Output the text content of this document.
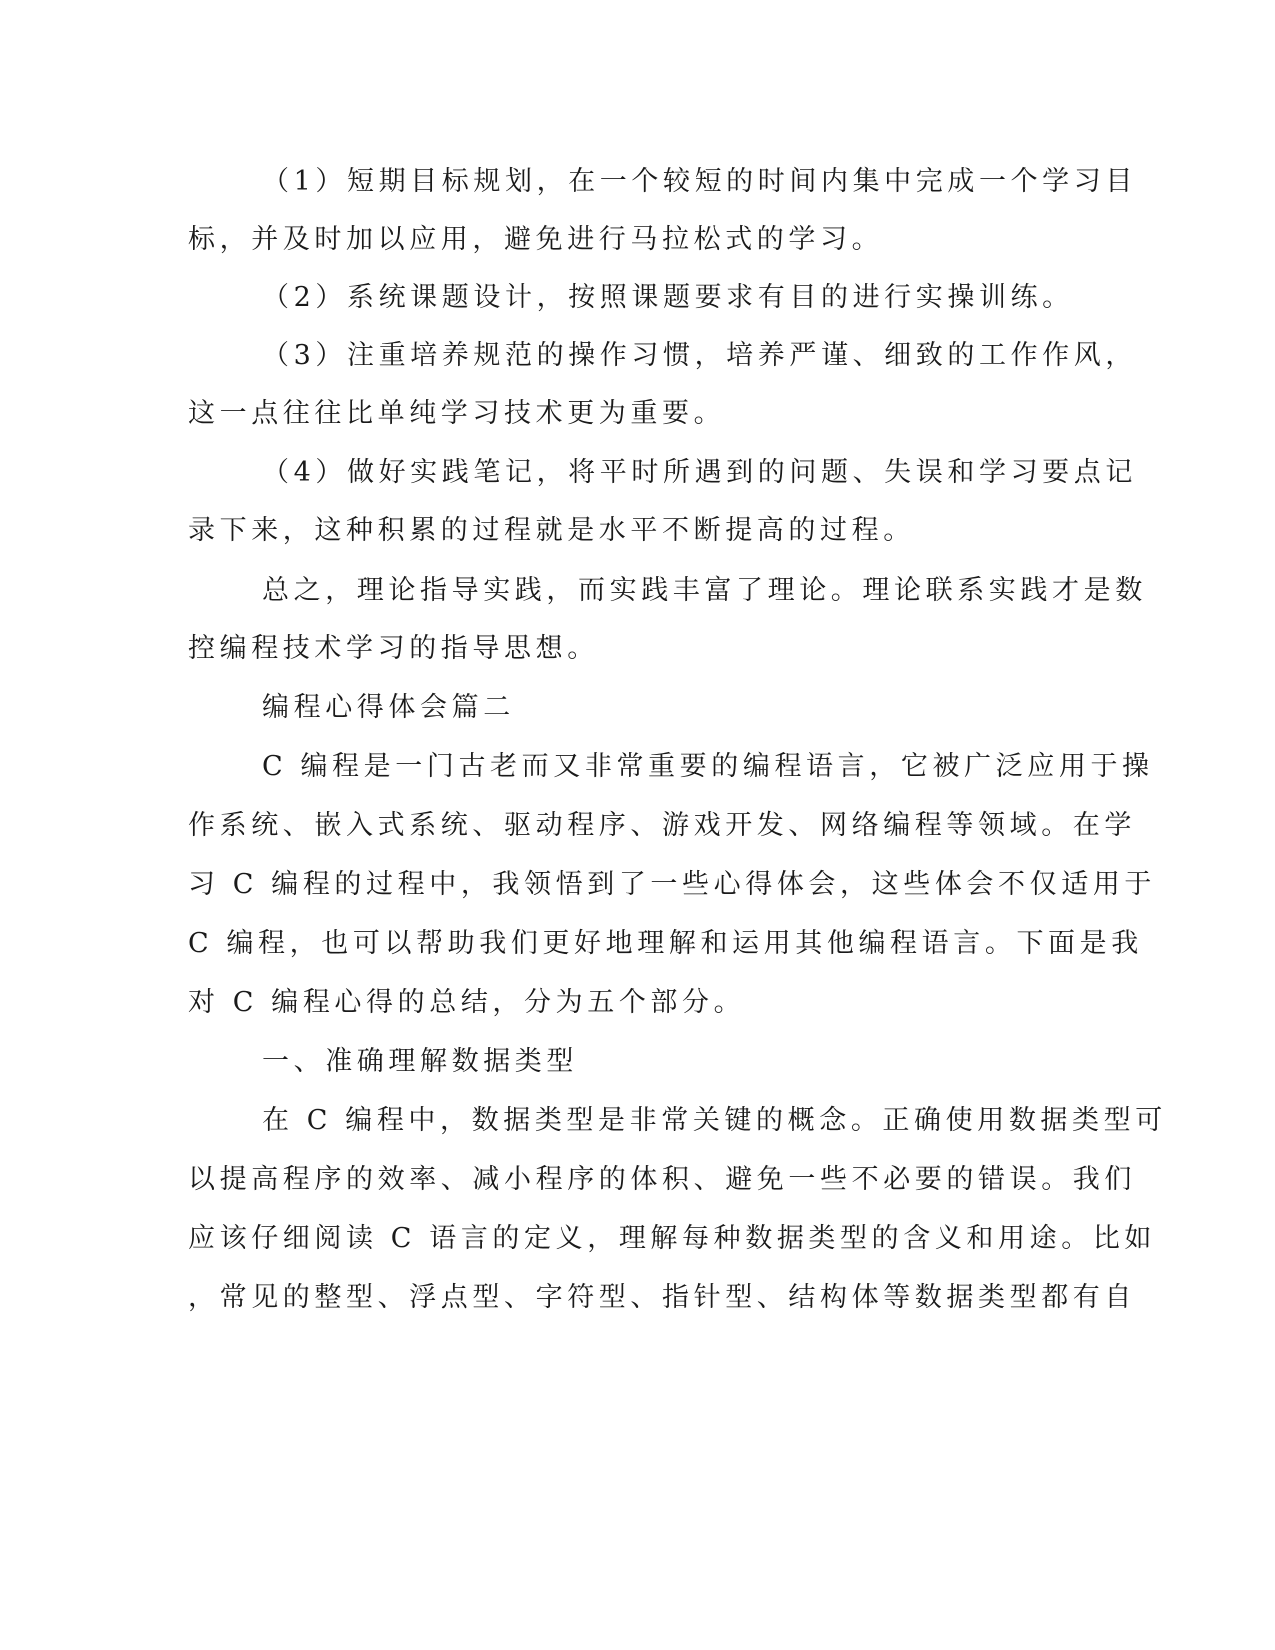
（1）短期目标规划，在一个较短的时间内集中完成一个学习目
标，并及时加以应用，避免进行马拉松式的学习。
（2）系统课题设计，按照课题要求有目的进行实操训练。
（3）注重培养规范的操作习惯，培养严谨、细致的工作作风，
这一点往往比单纯学习技术更为重要。
（4）做好实践笔记，将平时所遇到的问题、失误和学习要点记
录下来，这种积累的过程就是水平不断提高的过程。
总之，理论指导实践，而实践丰富了理论。理论联系实践才是数
控编程技术学习的指导思想。
编程心得体会篇二
C 编程是一门古老而又非常重要的编程语言，它被广泛应用于操
作系统、嵌入式系统、驱动程序、游戏开发、网络编程等领域。在学
习 C 编程的过程中，我领悟到了一些心得体会，这些体会不仅适用于
C 编程，也可以帮助我们更好地理解和运用其他编程语言。下面是我
对 C 编程心得的总结，分为五个部分。
一、准确理解数据类型
在 C 编程中，数据类型是非常关键的概念。正确使用数据类型可
以提高程序的效率、减小程序的体积、避免一些不必要的错误。我们
应该仔细阅读 C 语言的定义，理解每种数据类型的含义和用途。比如
，常见的整型、浮点型、字符型、指针型、结构体等数据类型都有自
